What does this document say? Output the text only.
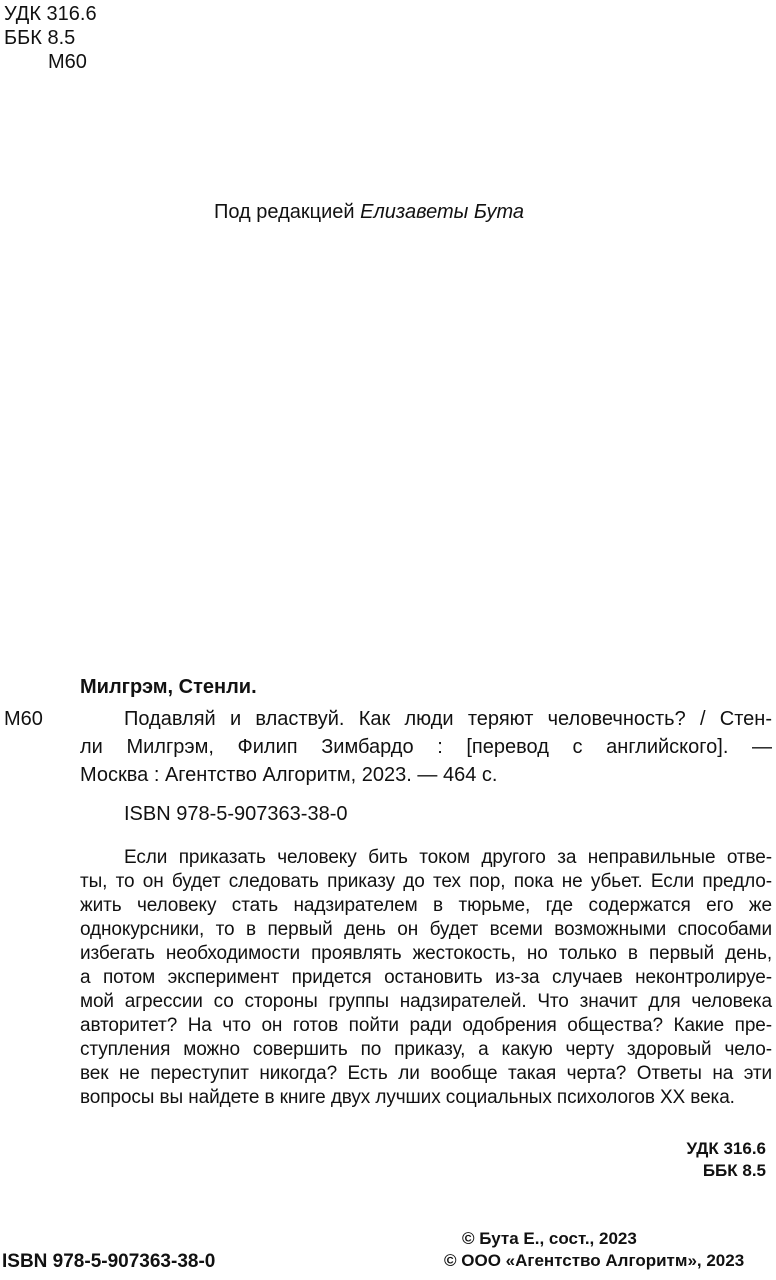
УДК 316.6
ББК 8.5
М60
Под редакцией Елизаветы Бута
Милгрэм, Стенли.
М60	Подавляй и властвуй. Как люди теряют человечность? / Стен-
ли Милгрэм, Филип Зимбардо : [перевод с английского]. —
Москва : Агентство Алгоритм, 2023. — 464 с.
ISBN 978-5-907363-38-0
Если приказать человеку бить током другого за неправильные отве-
ты, то он будет следовать приказу до тех пор, пока не убьет. Если предло-
жить человеку стать надзирателем в тюрьме, где содержатся его же
однокурсники, то в первый день он будет всеми возможными способами
избегать необходимости проявлять жестокость, но только в первый день,
а потом эксперимент придется остановить из-за случаев неконтролируе-
мой агрессии со стороны группы надзирателей. Что значит для человека
авторитет? На что он готов пойти ради одобрения общества? Какие пре-
ступления можно совершить по приказу, а какую черту здоровый чело-
век не переступит никогда? Есть ли вообще такая черта? Ответы на эти
вопросы вы найдете в книге двух лучших социальных психологов XX века.
УДК 316.6
ББК 8.5
ISBN 978-5-907363-38-0
© Бута Е., сост., 2023
© ООО «Агентство Алгоритм», 2023
